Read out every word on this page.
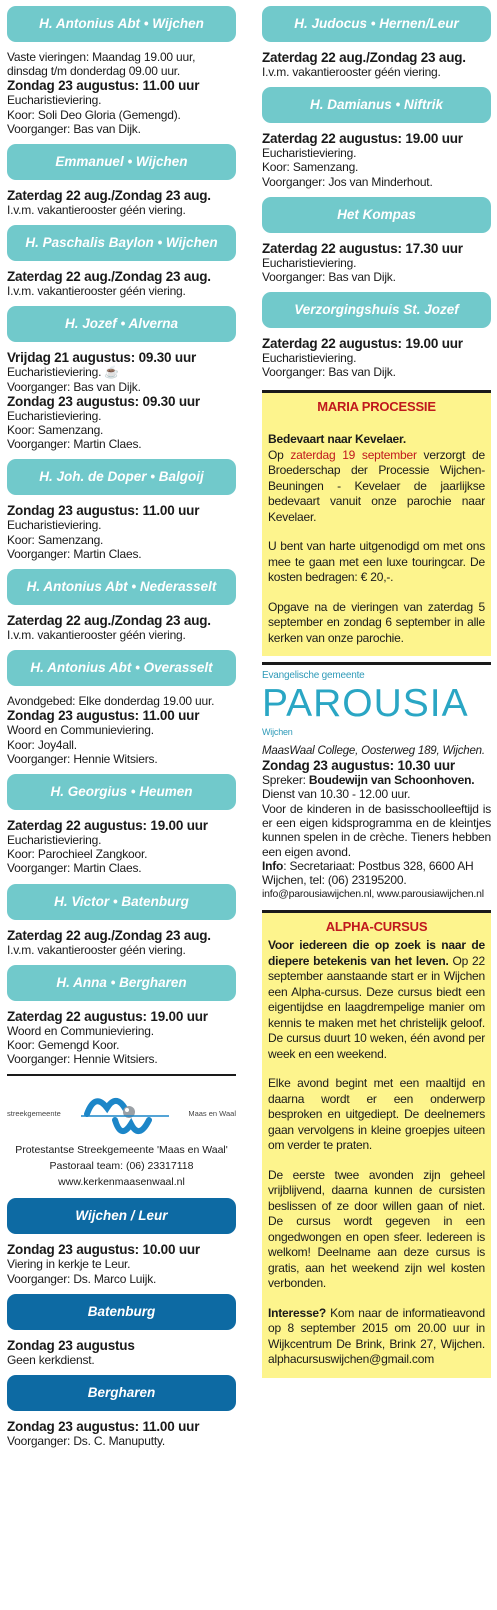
H. Antonius Abt • Wijchen
Vaste vieringen: Maandag 19.00 uur,
dinsdag t/m donderdag 09.00 uur.
Zondag 23 augustus: 11.00 uur
Eucharistieviering.
Koor: Soli Deo Gloria (Gemengd).
Voorganger: Bas van Dijk.
Emmanuel • Wijchen
Zaterdag 22 aug./Zondag 23 aug.
I.v.m. vakantierooster géén viering.
H. Paschalis Baylon • Wijchen
Zaterdag 22 aug./Zondag 23 aug.
I.v.m. vakantierooster géén viering.
H. Jozef • Alverna
Vrijdag 21 augustus: 09.30 uur
Eucharistieviering. ☕
Voorganger: Bas van Dijk.
Zondag 23 augustus: 09.30 uur
Eucharistieviering.
Koor: Samenzang.
Voorganger: Martin Claes.
H. Joh. de Doper • Balgoij
Zondag 23 augustus: 11.00 uur
Eucharistieviering.
Koor: Samenzang.
Voorganger: Martin Claes.
H. Antonius Abt • Nederasselt
Zaterdag 22 aug./Zondag 23 aug.
I.v.m. vakantierooster géén viering.
H. Antonius Abt • Overasselt
Avondgebed: Elke donderdag 19.00 uur.
Zondag 23 augustus: 11.00 uur
Woord en Communieviering.
Koor: Joy4all.
Voorganger: Hennie Witsiers.
H. Georgius • Heumen
Zaterdag 22 augustus: 19.00 uur
Eucharistieviering.
Koor: Parochieel Zangkoor.
Voorganger: Martin Claes.
H. Victor • Batenburg
Zaterdag 22 aug./Zondag 23 aug.
I.v.m. vakantierooster géén viering.
H. Anna • Bergharen
Zaterdag 22 augustus: 19.00 uur
Woord en Communieviering.
Koor: Gemengd Koor.
Voorganger: Hennie Witsiers.
streekgemeente	Maas en Waal
Protestantse Streekgemeente 'Maas en Waal'
Pastoraal team: (06) 23317118
www.kerkenmaasenwaal.nl
Wijchen / Leur
Zondag 23 augustus: 10.00 uur
Viering in kerkje te Leur.
Voorganger: Ds. Marco Luijk.
Batenburg
Zondag 23 augustus
Geen kerkdienst.
Bergharen
Zondag 23 augustus: 11.00 uur
Voorganger: Ds. C. Manuputty.
H. Judocus • Hernen/Leur
Zaterdag 22 aug./Zondag 23 aug.
I.v.m. vakantierooster géén viering.
H. Damianus • Niftrik
Zaterdag 22 augustus: 19.00 uur
Eucharistieviering.
Koor: Samenzang.
Voorganger: Jos van Minderhout.
Het Kompas
Zaterdag 22 augustus: 17.30 uur
Eucharistieviering.
Voorganger: Bas van Dijk.
Verzorgingshuis St. Jozef
Zaterdag 22 augustus: 19.00 uur
Eucharistieviering.
Voorganger: Bas van Dijk.
MARIA PROCESSIE
Bedevaart naar Kevelaer.

Op zaterdag 19 september verzorgt de Broederschap der Processie Wijchen-Beuningen - Kevelaer de jaarlijkse bedevaart vanuit onze parochie naar Kevelaer.

U bent van harte uitgenodigd om met ons mee te gaan met een luxe touringcar. De kosten bedragen: € 20,-.

Opgave na de vieringen van zaterdag 5 september en zondag 6 september in alle kerken van onze parochie.

Evangelische gemeente
PAROUSIA
Wijchen
MaasWaal College, Oosterweg 189, Wijchen.
Zondag 23 augustus: 10.30 uur
Spreker: Boudewijn van Schoonhoven.
Dienst van 10.30 - 12.00 uur.
Voor de kinderen in de basisschoolleeftijd is er een eigen kidsprogramma en de kleintjes kunnen spelen in de crèche. Tieners hebben een eigen avond.
Info: Secretariaat: Postbus 328, 6600 AH Wijchen, tel: (06) 23195200.
info@parousiawijchen.nl, www.parousiawijchen.nl
ALPHA-CURSUS

Voor iedereen die op zoek is naar de diepere betekenis van het leven. Op 22 september aanstaande start er in Wijchen een Alpha-cursus. Deze cursus biedt een eigentijdse en laagdrempelige manier om kennis te maken met het christelijk geloof. De cursus duurt 10 weken, één avond per week en een weekend.

Elke avond begint met een maaltijd en daarna wordt er een onderwerp besproken en uitgediept. De deelnemers gaan vervolgens in kleine groepjes uiteen om verder te praten.

De eerste twee avonden zijn geheel vrijblijvend, daarna kunnen de cursisten beslissen of ze door willen gaan of niet. De cursus wordt gegeven in een ongedwongen en open sfeer. Iedereen is welkom! Deelname aan deze cursus is gratis, aan het weekend zijn wel kosten verbonden.

Interesse? Kom naar de informatieavond op 8 september 2015 om 20.00 uur in Wijkcentrum De Brink, Brink 27, Wijchen. alphacursuswijchen@gmail.com
